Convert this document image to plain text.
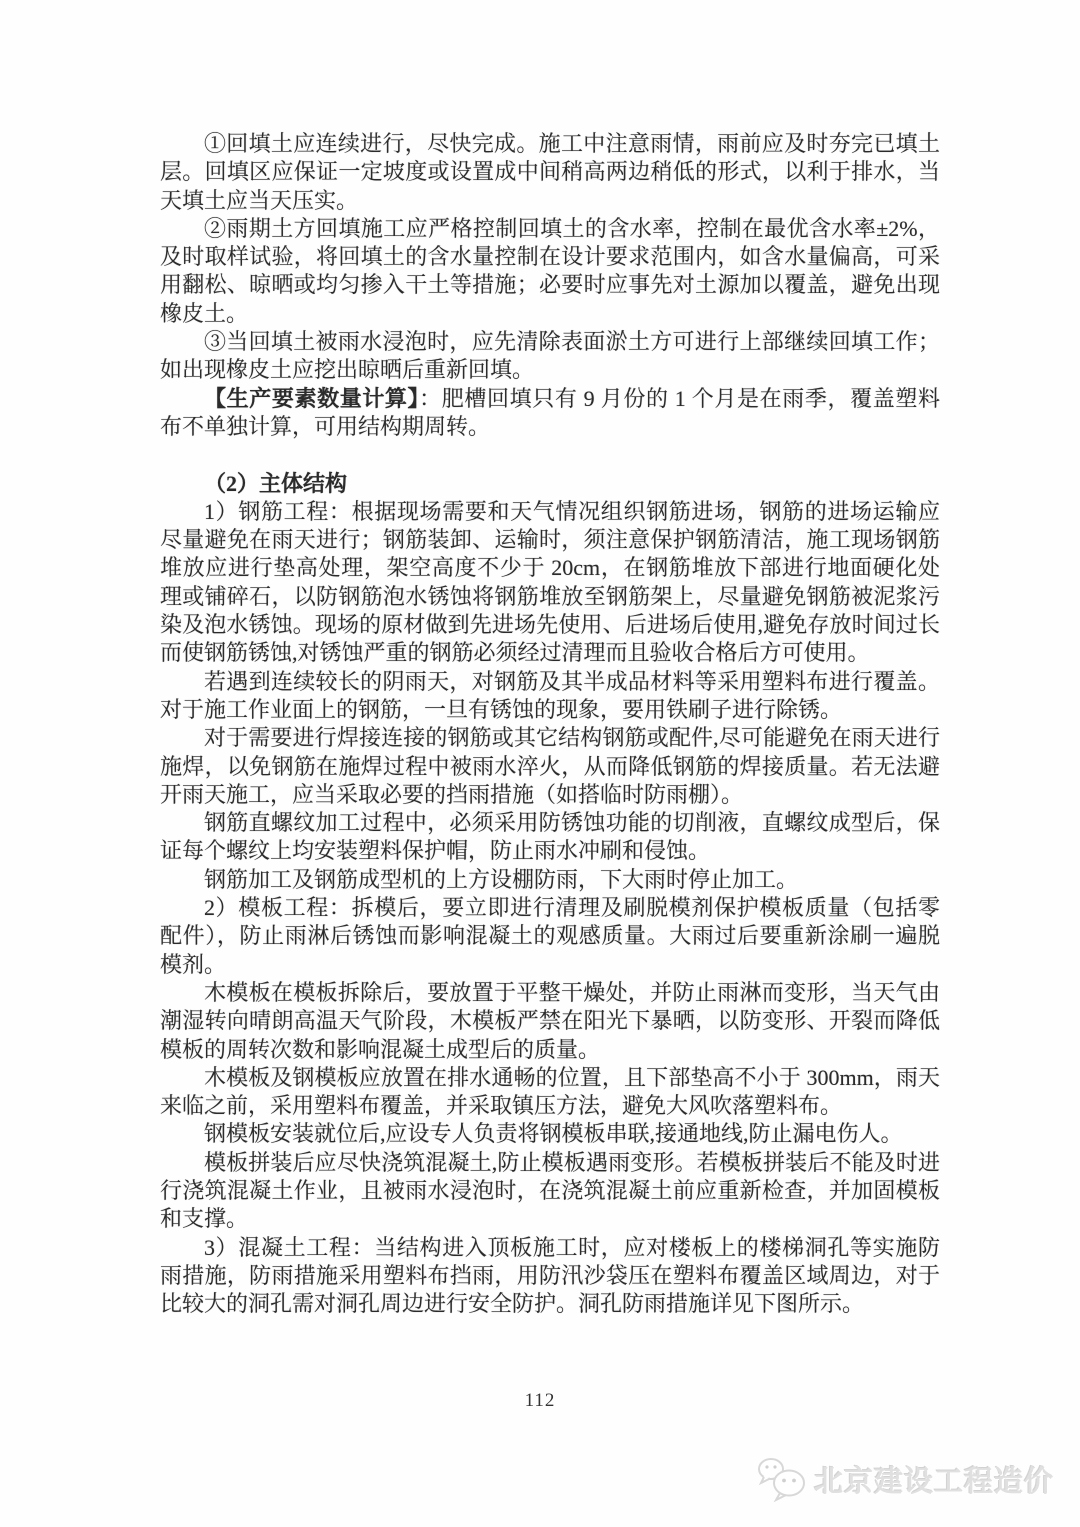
①回填土应连续进行，尽快完成。施工中注意雨情，雨前应及时夯完已填土层。回填区应保证一定坡度或设置成中间稍高两边稍低的形式，以利于排水，当天填土应当天压实。

②雨期土方回填施工应严格控制回填土的含水率，控制在最优含水率±2%，及时取样试验，将回填土的含水量控制在设计要求范围内，如含水量偏高，可采用翻松、晾晒或均匀掺入干土等措施；必要时应事先对土源加以覆盖，避免出现橡皮土。

③当回填土被雨水浸泡时，应先清除表面淤土方可进行上部继续回填工作；如出现橡皮土应挖出晾晒后重新回填。

【生产要素数量计算】：肥槽回填只有 9 月份的 1 个月是在雨季，覆盖塑料布不单独计算，可用结构期周转。

（2）主体结构

1）钢筋工程：根据现场需要和天气情况组织钢筋进场，钢筋的进场运输应尽量避免在雨天进行；钢筋装卸、运输时，须注意保护钢筋清洁，施工现场钢筋堆放应进行垫高处理，架空高度不少于 20cm，在钢筋堆放下部进行地面硬化处理或铺碎石，以防钢筋泡水锈蚀将钢筋堆放至钢筋架上，尽量避免钢筋被泥浆污染及泡水锈蚀。现场的原材做到先进场先使用、后进场后使用,避免存放时间过长而使钢筋锈蚀,对锈蚀严重的钢筋必须经过清理而且验收合格后方可使用。

若遇到连续较长的阴雨天，对钢筋及其半成品材料等采用塑料布进行覆盖。对于施工作业面上的钢筋，一旦有锈蚀的现象，要用铁刷子进行除锈。

对于需要进行焊接连接的钢筋或其它结构钢筋或配件,尽可能避免在雨天进行施焊，以免钢筋在施焊过程中被雨水淬火，从而降低钢筋的焊接质量。若无法避开雨天施工，应当采取必要的挡雨措施（如搭临时防雨棚）。

钢筋直螺纹加工过程中，必须采用防锈蚀功能的切削液，直螺纹成型后，保证每个螺纹上均安装塑料保护帽，防止雨水冲刷和侵蚀。

钢筋加工及钢筋成型机的上方设棚防雨，下大雨时停止加工。

2）模板工程：拆模后，要立即进行清理及刷脱模剂保护模板质量（包括零配件），防止雨淋后锈蚀而影响混凝土的观感质量。大雨过后要重新涂刷一遍脱模剂。

木模板在模板拆除后，要放置于平整干燥处，并防止雨淋而变形，当天气由潮湿转向晴朗高温天气阶段，木模板严禁在阳光下暴晒，以防变形、开裂而降低模板的周转次数和影响混凝土成型后的质量。

木模板及钢模板应放置在排水通畅的位置，且下部垫高不小于 300mm，雨天来临之前，采用塑料布覆盖，并采取镇压方法，避免大风吹落塑料布。

钢模板安装就位后,应设专人负责将钢模板串联,接通地线,防止漏电伤人。

模板拼装后应尽快浇筑混凝土,防止模板遇雨变形。若模板拼装后不能及时进行浇筑混凝土作业，且被雨水浸泡时，在浇筑混凝土前应重新检查，并加固模板和支撑。

3）混凝土工程：当结构进入顶板施工时，应对楼板上的楼梯洞孔等实施防雨措施，防雨措施采用塑料布挡雨，用防汛沙袋压在塑料布覆盖区域周边，对于比较大的洞孔需对洞孔周边进行安全防护。洞孔防雨措施详见下图所示。

112
北京建设工程造价
